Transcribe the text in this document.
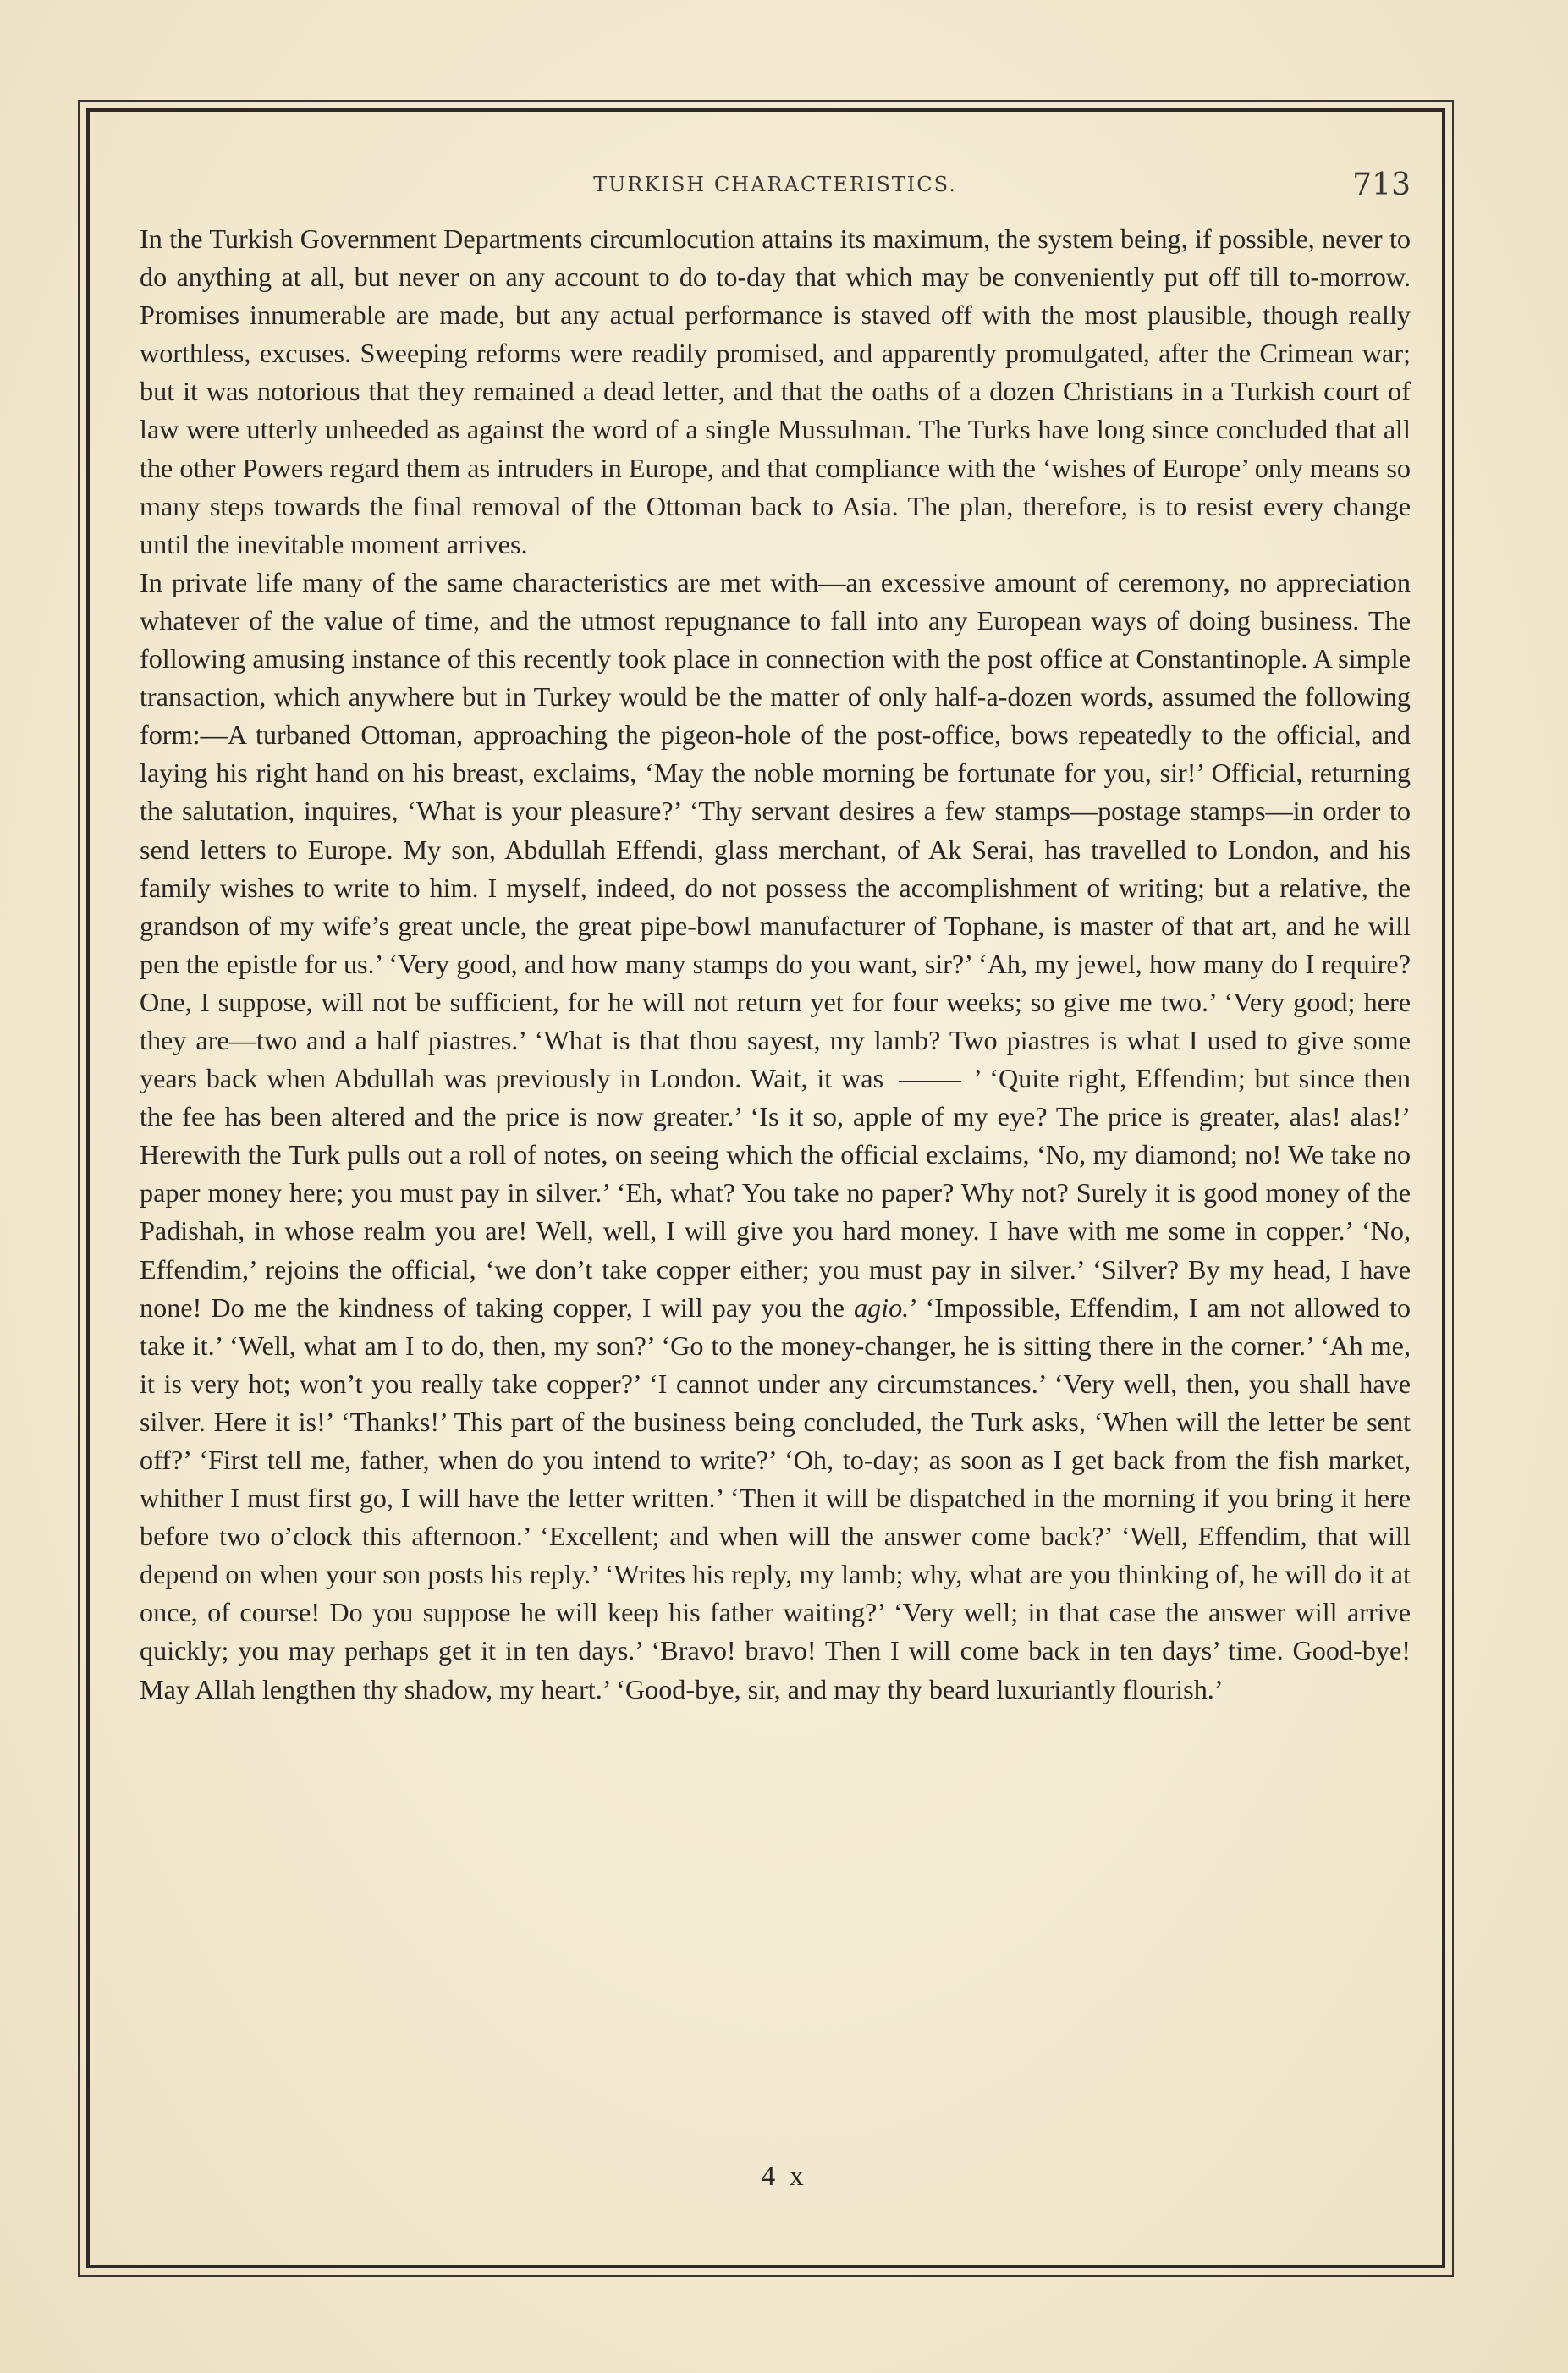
TURKISH CHARACTERISTICS.	713

In the Turkish Government Departments circumlocution attains its maximum, the system being, if possible, never to do anything at all, but never on any account to do to-day that which may be conveniently put off till to-morrow. Promises innumerable are made, but any actual performance is staved off with the most plausible, though really worthless, excuses. Sweeping reforms were readily promised, and apparently promulgated, after the Crimean war; but it was notorious that they remained a dead letter, and that the oaths of a dozen Christians in a Turkish court of law were utterly unheeded as against the word of a single Mussulman. The Turks have long since concluded that all the other Powers regard them as intruders in Europe, and that compliance with the ‘wishes of Europe’ only means so many steps towards the final removal of the Ottoman back to Asia. The plan, therefore, is to resist every change until the inevitable moment arrives.

In private life many of the same characteristics are met with—an excessive amount of ceremony, no appreciation whatever of the value of time, and the utmost repugnance to fall into any European ways of doing business. The following amusing instance of this recently took place in connection with the post office at Constantinople. A simple transaction, which anywhere but in Turkey would be the matter of only half-a-dozen words, assumed the following form:—A turbaned Ottoman, approaching the pigeon-hole of the post-office, bows repeatedly to the official, and laying his right hand on his breast, exclaims, ‘May the noble morning be fortunate for you, sir!’ Official, returning the salutation, inquires, ‘What is your pleasure?’ ‘Thy servant desires a few stamps—postage stamps—in order to send letters to Europe. My son, Abdullah Effendi, glass merchant, of Ak Serai, has travelled to London, and his family wishes to write to him. I myself, indeed, do not possess the accomplishment of writing; but a relative, the grandson of my wife’s great uncle, the great pipe-bowl manufacturer of Tophane, is master of that art, and he will pen the epistle for us.’ ‘Very good, and how many stamps do you want, sir?’ ‘Ah, my jewel, how many do I require? One, I suppose, will not be sufficient, for he will not return yet for four weeks; so give me two.’ ‘Very good; here they are—two and a half piastres.’ ‘What is that thou sayest, my lamb? Two piastres is what I used to give some years back when Abdullah was previously in London. Wait, it was	’ ‘Quite right, Effendim; but since then the fee has been altered and the price is now greater.’ ‘Is it so, apple of my eye? The price is greater, alas! alas!’ Herewith the Turk pulls out a roll of notes, on seeing which the official exclaims, ‘No, my diamond; no! We take no paper money here; you must pay in silver.’ ‘Eh, what? You take no paper? Why not? Surely it is good money of the Padishah, in whose realm you are! Well, well, I will give you hard money. I have with me some in copper.’ ‘No, Effendim,’ rejoins the official, ‘we don’t take copper either; you must pay in silver.’ ‘Silver? By my head, I have none! Do me the kindness of taking copper, I will pay you the agio.’ ‘Impossible, Effendim, I am not allowed to take it.’ ‘Well, what am I to do, then, my son?’ ‘Go to the money-changer, he is sitting there in the corner.’ ‘Ah me, it is very hot; won’t you really take copper?’ ‘I cannot under any circumstances.’ ‘Very well, then, you shall have silver. Here it is!’ ‘Thanks!’ This part of the business being concluded, the Turk asks, ‘When will the letter be sent off?’ ‘First tell me, father, when do you intend to write?’ ‘Oh, to-day; as soon as I get back from the fish market, whither I must first go, I will have the letter written.’ ‘Then it will be dispatched in the morning if you bring it here before two o’clock this afternoon.’ ‘Excellent; and when will the answer come back?’ ‘Well, Effendim, that will depend on when your son posts his reply.’ ‘Writes his reply, my lamb; why, what are you thinking of, he will do it at once, of course! Do you suppose he will keep his father waiting?’ ‘Very well; in that case the answer will arrive quickly; you may perhaps get it in ten days.’ ‘Bravo! bravo! Then I will come back in ten days’ time. Good-bye! May Allah lengthen thy shadow, my heart.’ ‘Good-bye, sir, and may thy beard luxuriantly flourish.’

4 x
